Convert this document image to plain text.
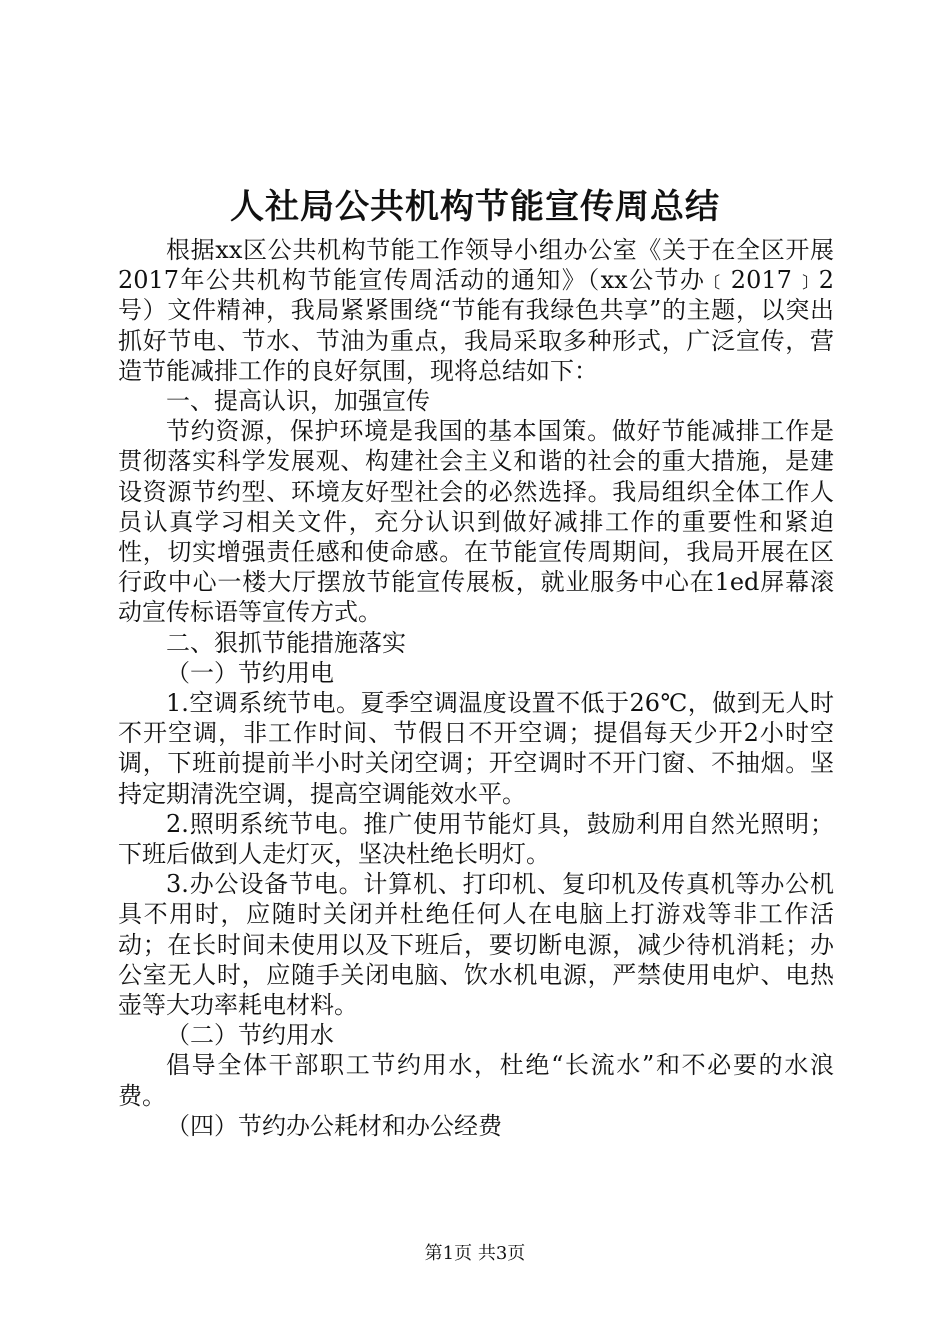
人社局公共机构节能宣传周总结

根据xx区公共机构节能工作领导小组办公室《关于在全区开展2017年公共机构节能宣传周活动的通知》（xx公节办﹝2017﹞2号）文件精神，我局紧紧围绕“节能有我绿色共享”的主题，以突出抓好节电、节水、节油为重点，我局采取多种形式，广泛宣传，营造节能减排工作的良好氛围，现将总结如下：

一、提高认识，加强宣传

节约资源，保护环境是我国的基本国策。做好节能减排工作是贯彻落实科学发展观、构建社会主义和谐的社会的重大措施，是建设资源节约型、环境友好型社会的必然选择。我局组织全体工作人员认真学习相关文件，充分认识到做好减排工作的重要性和紧迫性，切实增强责任感和使命感。在节能宣传周期间，我局开展在区行政中心一楼大厅摆放节能宣传展板，就业服务中心在1ed屏幕滚动宣传标语等宣传方式。

二、狠抓节能措施落实

（一）节约用电

1.空调系统节电。夏季空调温度设置不低于26℃，做到无人时不开空调，非工作时间、节假日不开空调；提倡每天少开2小时空调，下班前提前半小时关闭空调；开空调时不开门窗、不抽烟。坚持定期清洗空调，提高空调能效水平。

2.照明系统节电。推广使用节能灯具，鼓励利用自然光照明；下班后做到人走灯灭，坚决杜绝长明灯。

3.办公设备节电。计算机、打印机、复印机及传真机等办公机具不用时，应随时关闭并杜绝任何人在电脑上打游戏等非工作活动；在长时间未使用以及下班后，要切断电源，减少待机消耗；办公室无人时，应随手关闭电脑、饮水机电源，严禁使用电炉、电热壶等大功率耗电材料。

（二）节约用水

倡导全体干部职工节约用水，杜绝“长流水”和不必要的水浪费。

（四）节约办公耗材和办公经费

第1页 共3页
